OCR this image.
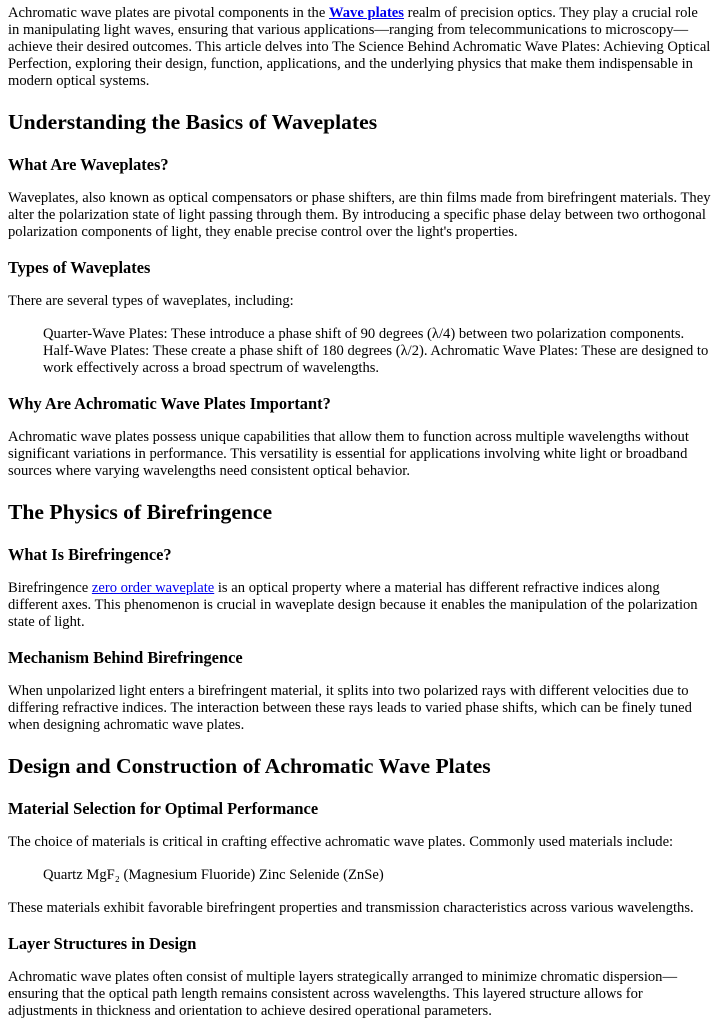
Achromatic wave plates are pivotal components in the Wave plates realm of precision optics. They play a crucial role in manipulating light waves, ensuring that various applications—ranging from telecommunications to microscopy—achieve their desired outcomes. This article delves into The Science Behind Achromatic Wave Plates: Achieving Optical Perfection, exploring their design, function, applications, and the underlying physics that make them indispensable in modern optical systems.

Understanding the Basics of Waveplates
What Are Waveplates?

Waveplates, also known as optical compensators or phase shifters, are thin films made from birefringent materials. They alter the polarization state of light passing through them. By introducing a specific phase delay between two orthogonal polarization components of light, they enable precise control over the light's properties.

Types of Waveplates

There are several types of waveplates, including:

Quarter-Wave Plates: These introduce a phase shift of 90 degrees (λ/4) between two polarization components. Half-Wave Plates: These create a phase shift of 180 degrees (λ/2). Achromatic Wave Plates: These are designed to work effectively across a broad spectrum of wavelengths.

Why Are Achromatic Wave Plates Important?

Achromatic wave plates possess unique capabilities that allow them to function across multiple wavelengths without significant variations in performance. This versatility is essential for applications involving white light or broadband sources where varying wavelengths need consistent optical behavior.

The Physics of Birefringence
What Is Birefringence?

Birefringence zero order waveplate is an optical property where a material has different refractive indices along different axes. This phenomenon is crucial in waveplate design because it enables the manipulation of the polarization state of light.

Mechanism Behind Birefringence

When unpolarized light enters a birefringent material, it splits into two polarized rays with different velocities due to differing refractive indices. The interaction between these rays leads to varied phase shifts, which can be finely tuned when designing achromatic wave plates.

Design and Construction of Achromatic Wave Plates
Material Selection for Optimal Performance

The choice of materials is critical in crafting effective achromatic wave plates. Commonly used materials include:

Quartz MgF₂ (Magnesium Fluoride) Zinc Selenide (ZnSe)

These materials exhibit favorable birefringent properties and transmission characteristics across various wavelengths.

Layer Structures in Design

Achromatic wave plates often consist of multiple layers strategically arranged to minimize chromatic dispersion—ensuring that the optical path length remains consistent across wavelengths. This layered structure allows for adjustments in thickness and orientation to achieve desired operational parameters.
